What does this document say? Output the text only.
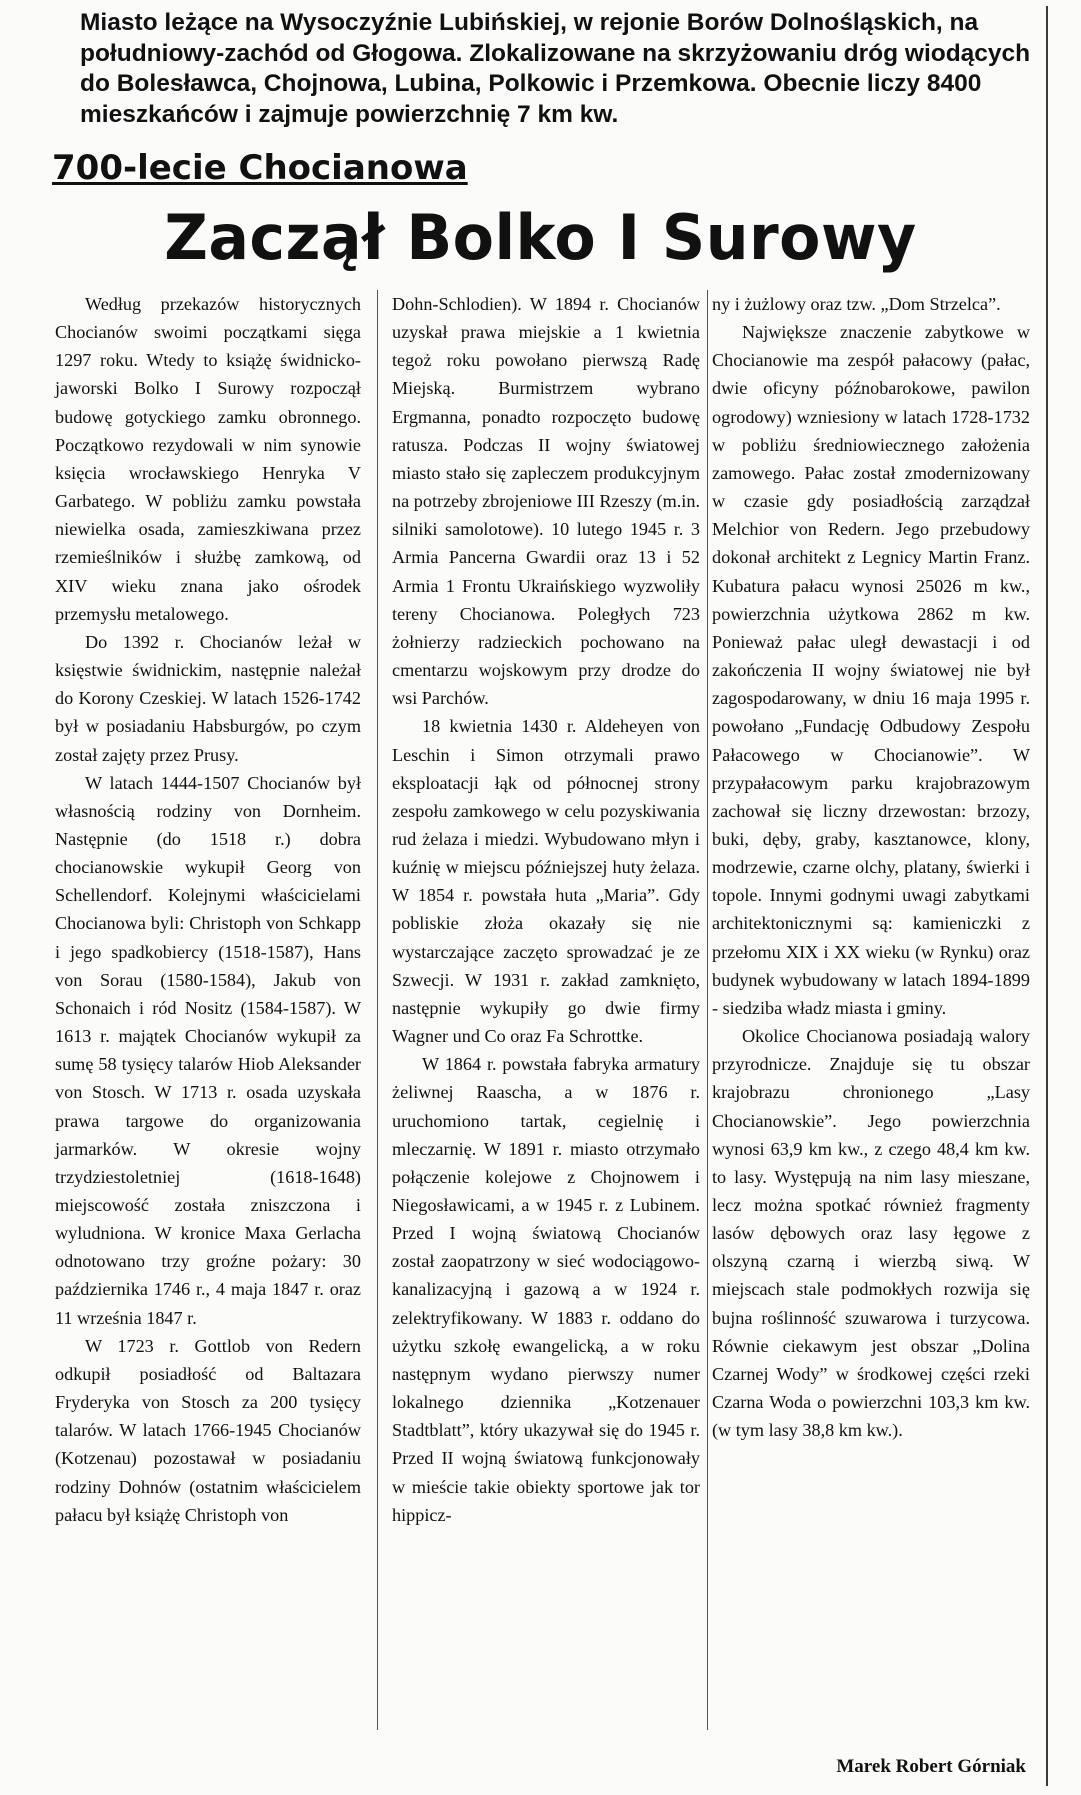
Miasto leżące na Wysoczyźnie Lubińskiej, w rejonie Borów Dolnośląskich, na południowy-zachód od Głogowa. Zlokalizowane na skrzyżowaniu dróg wiodących do Bolesławca, Chojnowa, Lubina, Polkowic i Przemkowa. Obecnie liczy 8400 mieszkańców i zajmuje powierzchnię 7 km kw.

700-lecie Chocianowa
Zaczął Bolko I Surowy

Według przekazów historycznych Chocianów swoimi początkami sięga 1297 roku. Wtedy to książę świdnicko-jaworski Bolko I Surowy rozpoczął budowę gotyckiego zamku obronnego. Początkowo rezydowali w nim synowie księcia wrocławskiego Henryka V Garbatego. W pobliżu zamku powstała niewielka osada, zamieszkiwana przez rzemieślników i służbę zamkową, od XIV wieku znana jako ośrodek przemysłu metalowego.

Do 1392 r. Chocianów leżał w księstwie świdnickim, następnie należał do Korony Czeskiej. W latach 1526-1742 był w posiadaniu Habsburgów, po czym został zajęty przez Prusy.

W latach 1444-1507 Chocianów był własnością rodziny von Dornheim. Następnie (do 1518 r.) dobra chocianowskie wykupił Georg von Schellendorf. Kolejnymi właścicielami Chocianowa byli: Christoph von Schkapp i jego spadkobiercy (1518-1587), Hans von Sorau (1580-1584), Jakub von Schonaich i ród Nositz (1584-1587). W 1613 r. majątek Chocianów wykupił za sumę 58 tysięcy talarów Hiob Aleksander von Stosch. W 1713 r. osada uzyskała prawa targowe do organizowania jarmarków. W okresie wojny trzydziestoletniej (1618-1648) miejscowość została zniszczona i wyludniona. W kronice Maxa Gerlacha odnotowano trzy groźne pożary: 30 października 1746 r., 4 maja 1847 r. oraz 11 września 1847 r.

W 1723 r. Gottlob von Redern odkupił posiadłość od Baltazara Fryderyka von Stosch za 200 tysięcy talarów. W latach 1766-1945 Chocianów (Kotzenau) pozostawał w posiadaniu rodziny Dohnów (ostatnim właścicielem pałacu był książę Christoph von

Dohn-Schlodien). W 1894 r. Chocianów uzyskał prawa miejskie a 1 kwietnia tegoż roku powołano pierwszą Radę Miejską. Burmistrzem wybrano Ergmanna, ponadto rozpoczęto budowę ratusza. Podczas II wojny światowej miasto stało się zapleczem produkcyjnym na potrzeby zbrojeniowe III Rzeszy (m.in. silniki samolotowe). 10 lutego 1945 r. 3 Armia Pancerna Gwardii oraz 13 i 52 Armia 1 Frontu Ukraińskiego wyzwoliły tereny Chocianowa. Poległych 723 żołnierzy radzieckich pochowano na cmentarzu wojskowym przy drodze do wsi Parchów.

18 kwietnia 1430 r. Aldeheyen von Leschin i Simon otrzymali prawo eksploatacji łąk od północnej strony zespołu zamkowego w celu pozyskiwania rud żelaza i miedzi. Wybudowano młyn i kuźnię w miejscu późniejszej huty żelaza. W 1854 r. powstała huta „Maria”. Gdy pobliskie złoża okazały się nie wystarczające zaczęto sprowadzać je ze Szwecji. W 1931 r. zakład zamknięto, następnie wykupiły go dwie firmy Wagner und Co oraz Fa Schrottke.

W 1864 r. powstała fabryka armatury żeliwnej Raascha, a w 1876 r. uruchomiono tartak, cegielnię i mleczarnię. W 1891 r. miasto otrzymało połączenie kolejowe z Chojnowem i Niegosławicami, a w 1945 r. z Lubinem. Przed I wojną światową Chocianów został zaopatrzony w sieć wodociągowo-kanalizacyjną i gazową a w 1924 r. zelektryfikowany. W 1883 r. oddano do użytku szkołę ewangelicką, a w roku następnym wydano pierwszy numer lokalnego dziennika „Kotzenauer Stadtblatt”, który ukazywał się do 1945 r. Przed II wojną światową funkcjonowały w mieście takie obiekty sportowe jak tor hippicz-

ny i żużlowy oraz tzw. „Dom Strzelca”.

Największe znaczenie zabytkowe w Chocianowie ma zespół pałacowy (pałac, dwie oficyny późnobarokowe, pawilon ogrodowy) wzniesiony w latach 1728-1732 w pobliżu średniowiecznego założenia zamowego. Pałac został zmodernizowany w czasie gdy posiadłością zarządzał Melchior von Redern. Jego przebudowy dokonał architekt z Legnicy Martin Franz. Kubatura pałacu wynosi 25026 m kw., powierzchnia użytkowa 2862 m kw. Ponieważ pałac uległ dewastacji i od zakończenia II wojny światowej nie był zagospodarowany, w dniu 16 maja 1995 r. powołano „Fundację Odbudowy Zespołu Pałacowego w Chocianowie”. W przypałacowym parku krajobrazowym zachował się liczny drzewostan: brzozy, buki, dęby, graby, kasztanowce, klony, modrzewie, czarne olchy, platany, świerki i topole. Innymi godnymi uwagi zabytkami architektonicznymi są: kamieniczki z przełomu XIX i XX wieku (w Rynku) oraz budynek wybudowany w latach 1894-1899 - siedziba władz miasta i gminy.

Okolice Chocianowa posiadają walory przyrodnicze. Znajduje się tu obszar krajobrazu chronionego „Lasy Chocianowskie”. Jego powierzchnia wynosi 63,9 km kw., z czego 48,4 km kw. to lasy. Występują na nim lasy mieszane, lecz można spotkać również fragmenty lasów dębowych oraz lasy łęgowe z olszyną czarną i wierzbą siwą. W miejscach stale podmokłych rozwija się bujna roślinność szuwarowa i turzycowa. Równie ciekawym jest obszar „Dolina Czarnej Wody” w środkowej części rzeki Czarna Woda o powierzchni 103,3 km kw. (w tym lasy 38,8 km kw.).

Marek Robert Górniak
